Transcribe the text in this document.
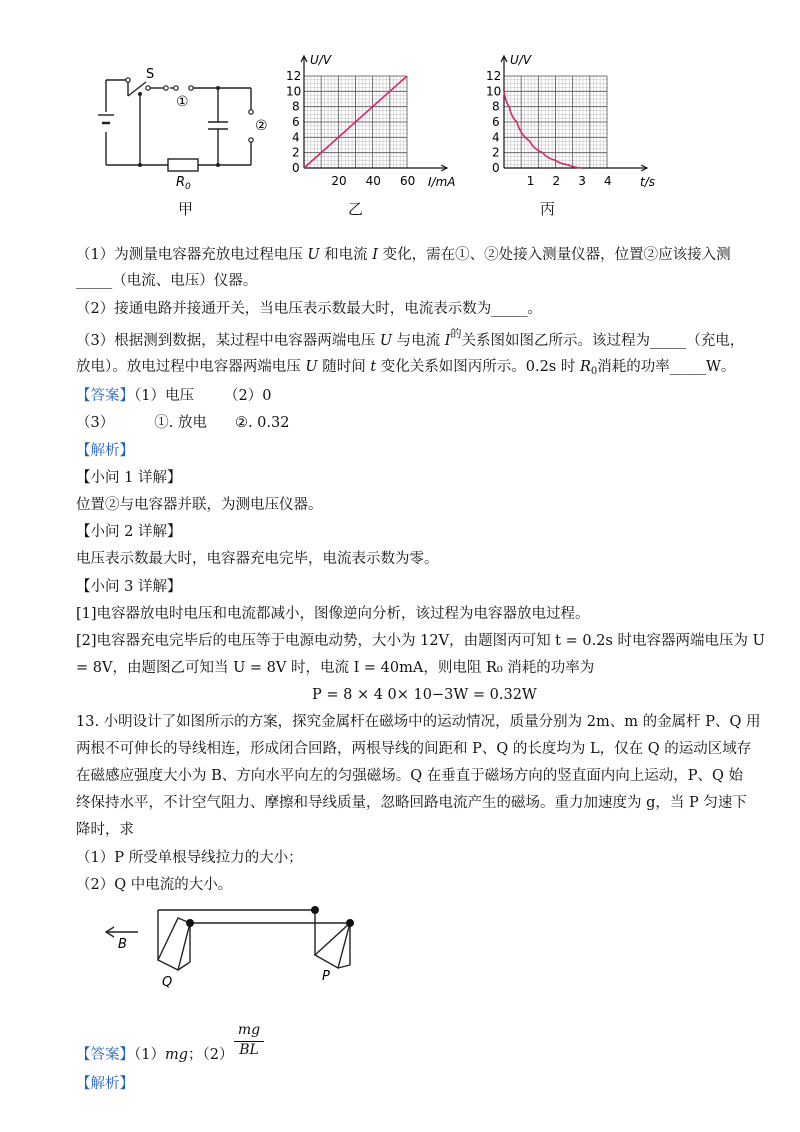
S
①
②
$R_0$
甲
U/V
I/mA
12
10
8
6
4
2
0
20 40 60
乙
U/V
t/s
12
10
8
6
4
2
0
1 2 3 4
丙
（1）为测量电容器充放电过程电压 U 和电流 I 变化，需在①、②处接入测量仪器，位置②应该接入测
_____（电流、电压）仪器。
（2）接通电路并接通开关，当电压表示数最大时，电流表示数为_____。
（3）根据测到数据，某过程中电容器两端电压 U 与电流 $I^的$关系图如图乙所示。该过程为_____（充电，
放电）。放电过程中电容器两端电压 U 随时间 t 变化关系如图丙所示。0.2s 时 $R_0$消耗的功率_____W。
【答案】（1）电压 （2）0
（3）	①. 放电 ②. 0.32
【解析】
【小问 1 详解】
位置②与电容器并联，为测电压仪器。
【小问 2 详解】
电压表示数最大时，电容器充电完毕，电流表示数为零。
【小问 3 详解】
[1]电容器放电时电压和电流都减小，图像逆向分析，该过程为电容器放电过程。
[2]电容器充电完毕后的电压等于电源电动势，大小为 12V，由题图丙可知 t = 0.2s 时电容器两端电压为 U
= 8V，由题图乙可知当 U = 8V 时，电流 I = 40mA，则电阻 R₀ 消耗的功率为
P = 8 × 4 0× 10−3W = 0.32W
13. 小明设计了如图所示的方案，探究金属杆在磁场中的运动情况，质量分别为 2m、m 的金属杆 P、Q 用
两根不可伸长的导线相连，形成闭合回路，两根导线的间距和 P、Q 的长度均为 L，仅在 Q 的运动区域存
在磁感应强度大小为 B、方向水平向左的匀强磁场。Q 在垂直于磁场方向的竖直面内向上运动，P、Q 始
终保持水平，不计空气阻力、摩擦和导线质量，忽略回路电流产生的磁场。重力加速度为 g，当 P 匀速下
降时，求
（1）P 所受单根导线拉力的大小；
（2）Q 中电流的大小。
B
Q	P
【答案】（1）mg；（2）
mg
BL
【解析】
